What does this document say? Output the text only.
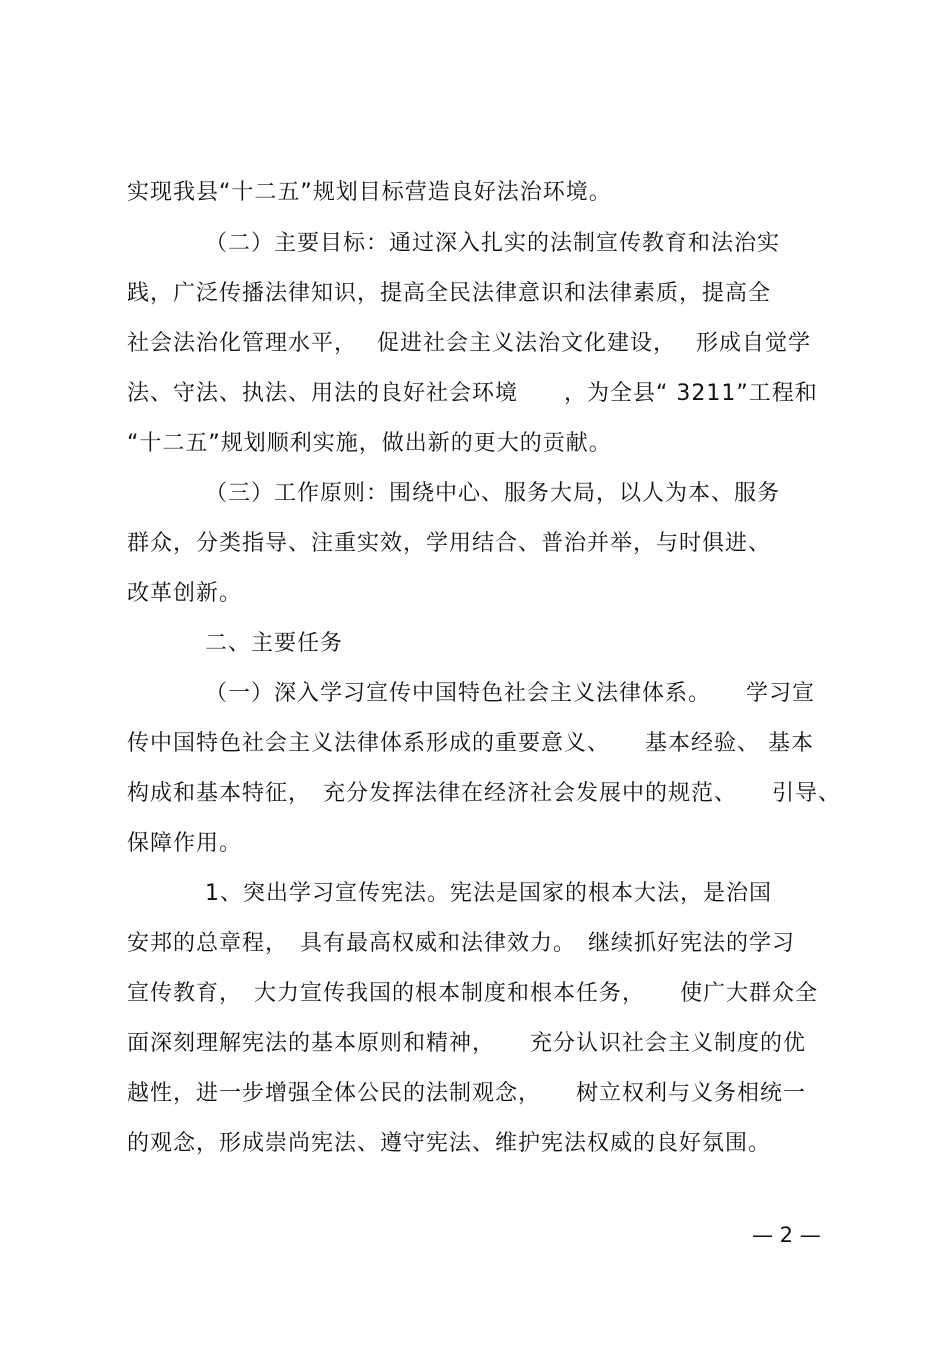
实现我县“十二五”规划目标营造良好法治环境。
（二）主要目标：通过深入扎实的法制宣传教育和法治实
践，广泛传播法律知识，提高全民法律意识和法律素质，提高全
社会法治化管理水平，　 促进社会主义法治文化建设，　 形成自觉学
法、守法、执法、用法的良好社会环境　　，为全县“ 3211”工程和
“十二五”规划顺利实施，做出新的更大的贡献。
（三）工作原则：围绕中心、服务大局，以人为本、服务
群众，分类指导、注重实效，学用结合、普治并举，与时俱进、
改革创新。
二、主要任务
（一）深入学习宣传中国特色社会主义法律体系。　　学习宣
传中国特色社会主义法律体系形成的重要意义、　　基本经验、 基本
构成和基本特征，　充分发挥法律在经济社会发展中的规范、　　引导、
保障作用。
1、突出学习宣传宪法。宪法是国家的根本大法，是治国
安邦的总章程，　具有最高权威和法律效力。　继续抓好宪法的学习
宣传教育，　大力宣传我国的根本制度和根本任务，　　使广大群众全
面深刻理解宪法的基本原则和精神，　　充分认识社会主义制度的优
越性，进一步增强全体公民的法制观念，　　树立权利与义务相统一
的观念，形成崇尚宪法、遵守宪法、维护宪法权威的良好氛围。
— 2 —
